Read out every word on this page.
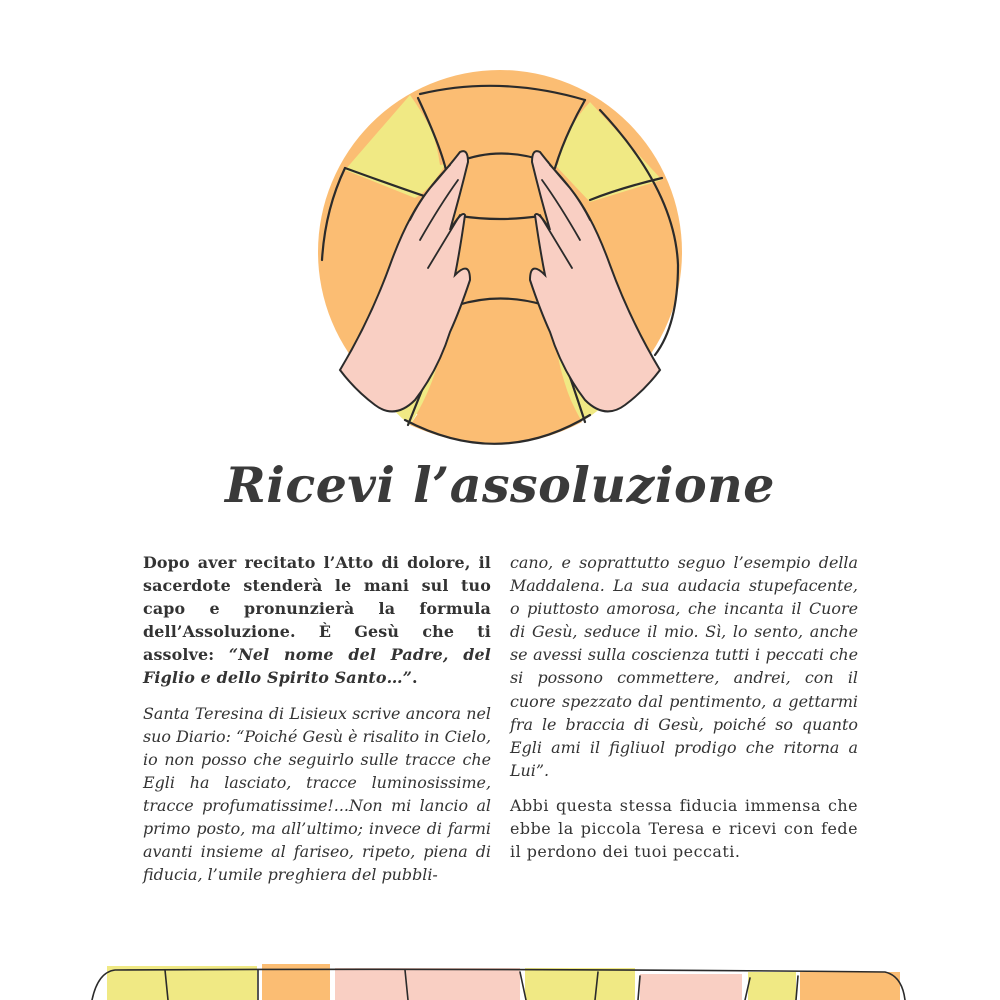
Ricevi l’assoluzione

Dopo aver recitato l’Atto di dolore, il sacerdote stenderà le mani sul tuo capo e pronunzierà la formula dell’Assoluzione. È Gesù che ti assolve: “Nel nome del Padre, del Figlio e dello Spirito Santo…”.

Santa Teresina di Lisieux scrive ancora nel suo Diario: “Poiché Gesù è risalito in Cielo, io non posso che seguirlo sulle tracce che Egli ha lasciato, tracce luminosissime, tracce profumatissime!...Non mi lancio al primo posto, ma all’ultimo; invece di farmi avanti insieme al fariseo, ripeto, piena di fiducia, l’umile preghiera del pubbli-

cano, e soprattutto seguo l’esempio della Maddalena. La sua audacia stupefacente, o piuttosto amorosa, che incanta il Cuore di Gesù, seduce il mio. Sì, lo sento, anche se avessi sulla coscienza tutti i peccati che si possono commettere, andrei, con il cuore spezzato dal pentimento, a gettarmi fra le braccia di Gesù, poiché so quanto Egli ami il figliuol prodigo che ritorna a Lui”.

Abbi questa stessa fiducia immensa che ebbe la piccola Teresa e ricevi con fede il perdono dei tuoi peccati.
